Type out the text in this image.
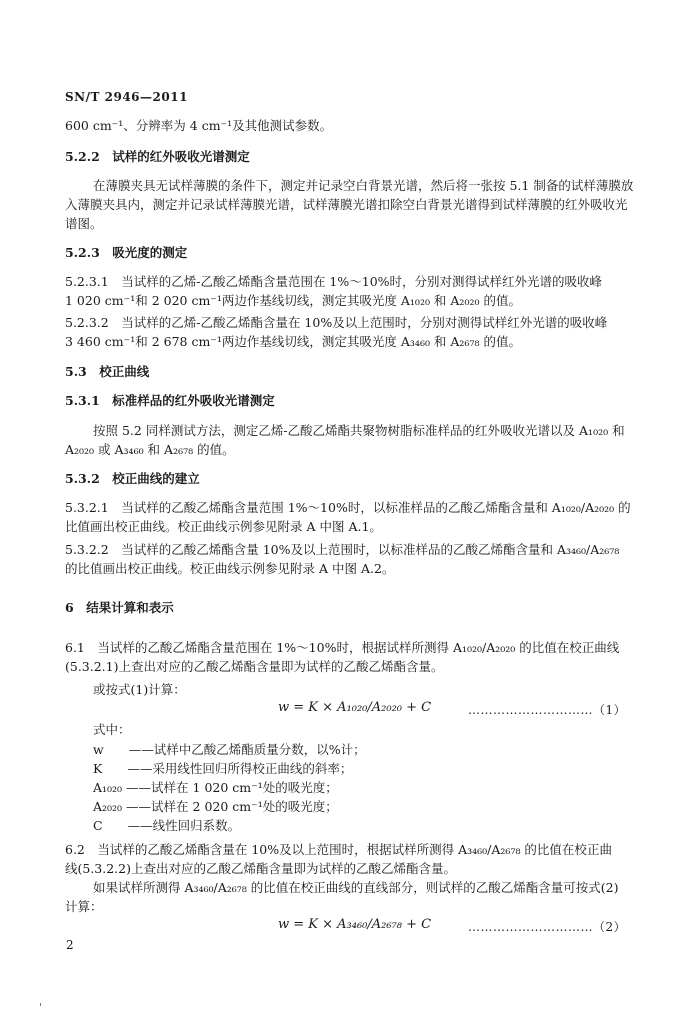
SN/T 2946—2011
600 cm⁻¹、分辨率为 4 cm⁻¹及其他测试参数。
5.2.2　试样的红外吸收光谱测定
在薄膜夹具无试样薄膜的条件下，测定并记录空白背景光谱，然后将一张按 5.1 制备的试样薄膜放
入薄膜夹具内，测定并记录试样薄膜光谱，试样薄膜光谱扣除空白背景光谱得到试样薄膜的红外吸收光
谱图。
5.2.3　吸光度的测定
5.2.3.1　当试样的乙烯-乙酸乙烯酯含量范围在 1%～10%时，分别对测得试样红外光谱的吸收峰
1 020 cm⁻¹和 2 020 cm⁻¹两边作基线切线，测定其吸光度 A₁₀₂₀ 和 A₂₀₂₀ 的值。
5.2.3.2　当试样的乙烯-乙酸乙烯酯含量在 10%及以上范围时，分别对测得试样红外光谱的吸收峰
3 460 cm⁻¹和 2 678 cm⁻¹两边作基线切线，测定其吸光度 A₃₄₆₀ 和 A₂₆₇₈ 的值。
5.3　校正曲线
5.3.1　标准样品的红外吸收光谱测定
按照 5.2 同样测试方法，测定乙烯-乙酸乙烯酯共聚物树脂标准样品的红外吸收光谱以及 A₁₀₂₀ 和
A₂₀₂₀ 或 A₃₄₆₀ 和 A₂₆₇₈ 的值。
5.3.2　校正曲线的建立
5.3.2.1　当试样的乙酸乙烯酯含量范围 1%～10%时，以标准样品的乙酸乙烯酯含量和 A₁₀₂₀/A₂₀₂₀ 的
比值画出校正曲线。校正曲线示例参见附录 A 中图 A.1。
5.3.2.2　当试样的乙酸乙烯酯含量 10%及以上范围时，以标准样品的乙酸乙烯酯含量和 A₃₄₆₀/A₂₆₇₈
的比值画出校正曲线。校正曲线示例参见附录 A 中图 A.2。
6　结果计算和表示
6.1　当试样的乙酸乙烯酯含量范围在 1%～10%时，根据试样所测得 A₁₀₂₀/A₂₀₂₀ 的比值在校正曲线
(5.3.2.1)上查出对应的乙酸乙烯酯含量即为试样的乙酸乙烯酯含量。
或按式(1)计算：
w = K × A₁₀₂₀/A₂₀₂₀ + C	…………………………（1）
式中：
w　　——试样中乙酸乙烯酯质量分数，以%计；
K　　——采用线性回归所得校正曲线的斜率；
A₁₀₂₀ ——试样在 1 020 cm⁻¹处的吸光度；
A₂₀₂₀ ——试样在 2 020 cm⁻¹处的吸光度；
C　　——线性回归系数。
6.2　当试样的乙酸乙烯酯含量在 10%及以上范围时，根据试样所测得 A₃₄₆₀/A₂₆₇₈ 的比值在校正曲
线(5.3.2.2)上查出对应的乙酸乙烯酯含量即为试样的乙酸乙烯酯含量。
如果试样所测得 A₃₄₆₀/A₂₆₇₈ 的比值在校正曲线的直线部分，则试样的乙酸乙烯酯含量可按式(2)
计算：
w = K × A₃₄₆₀/A₂₆₇₈ + C	…………………………（2）
2
